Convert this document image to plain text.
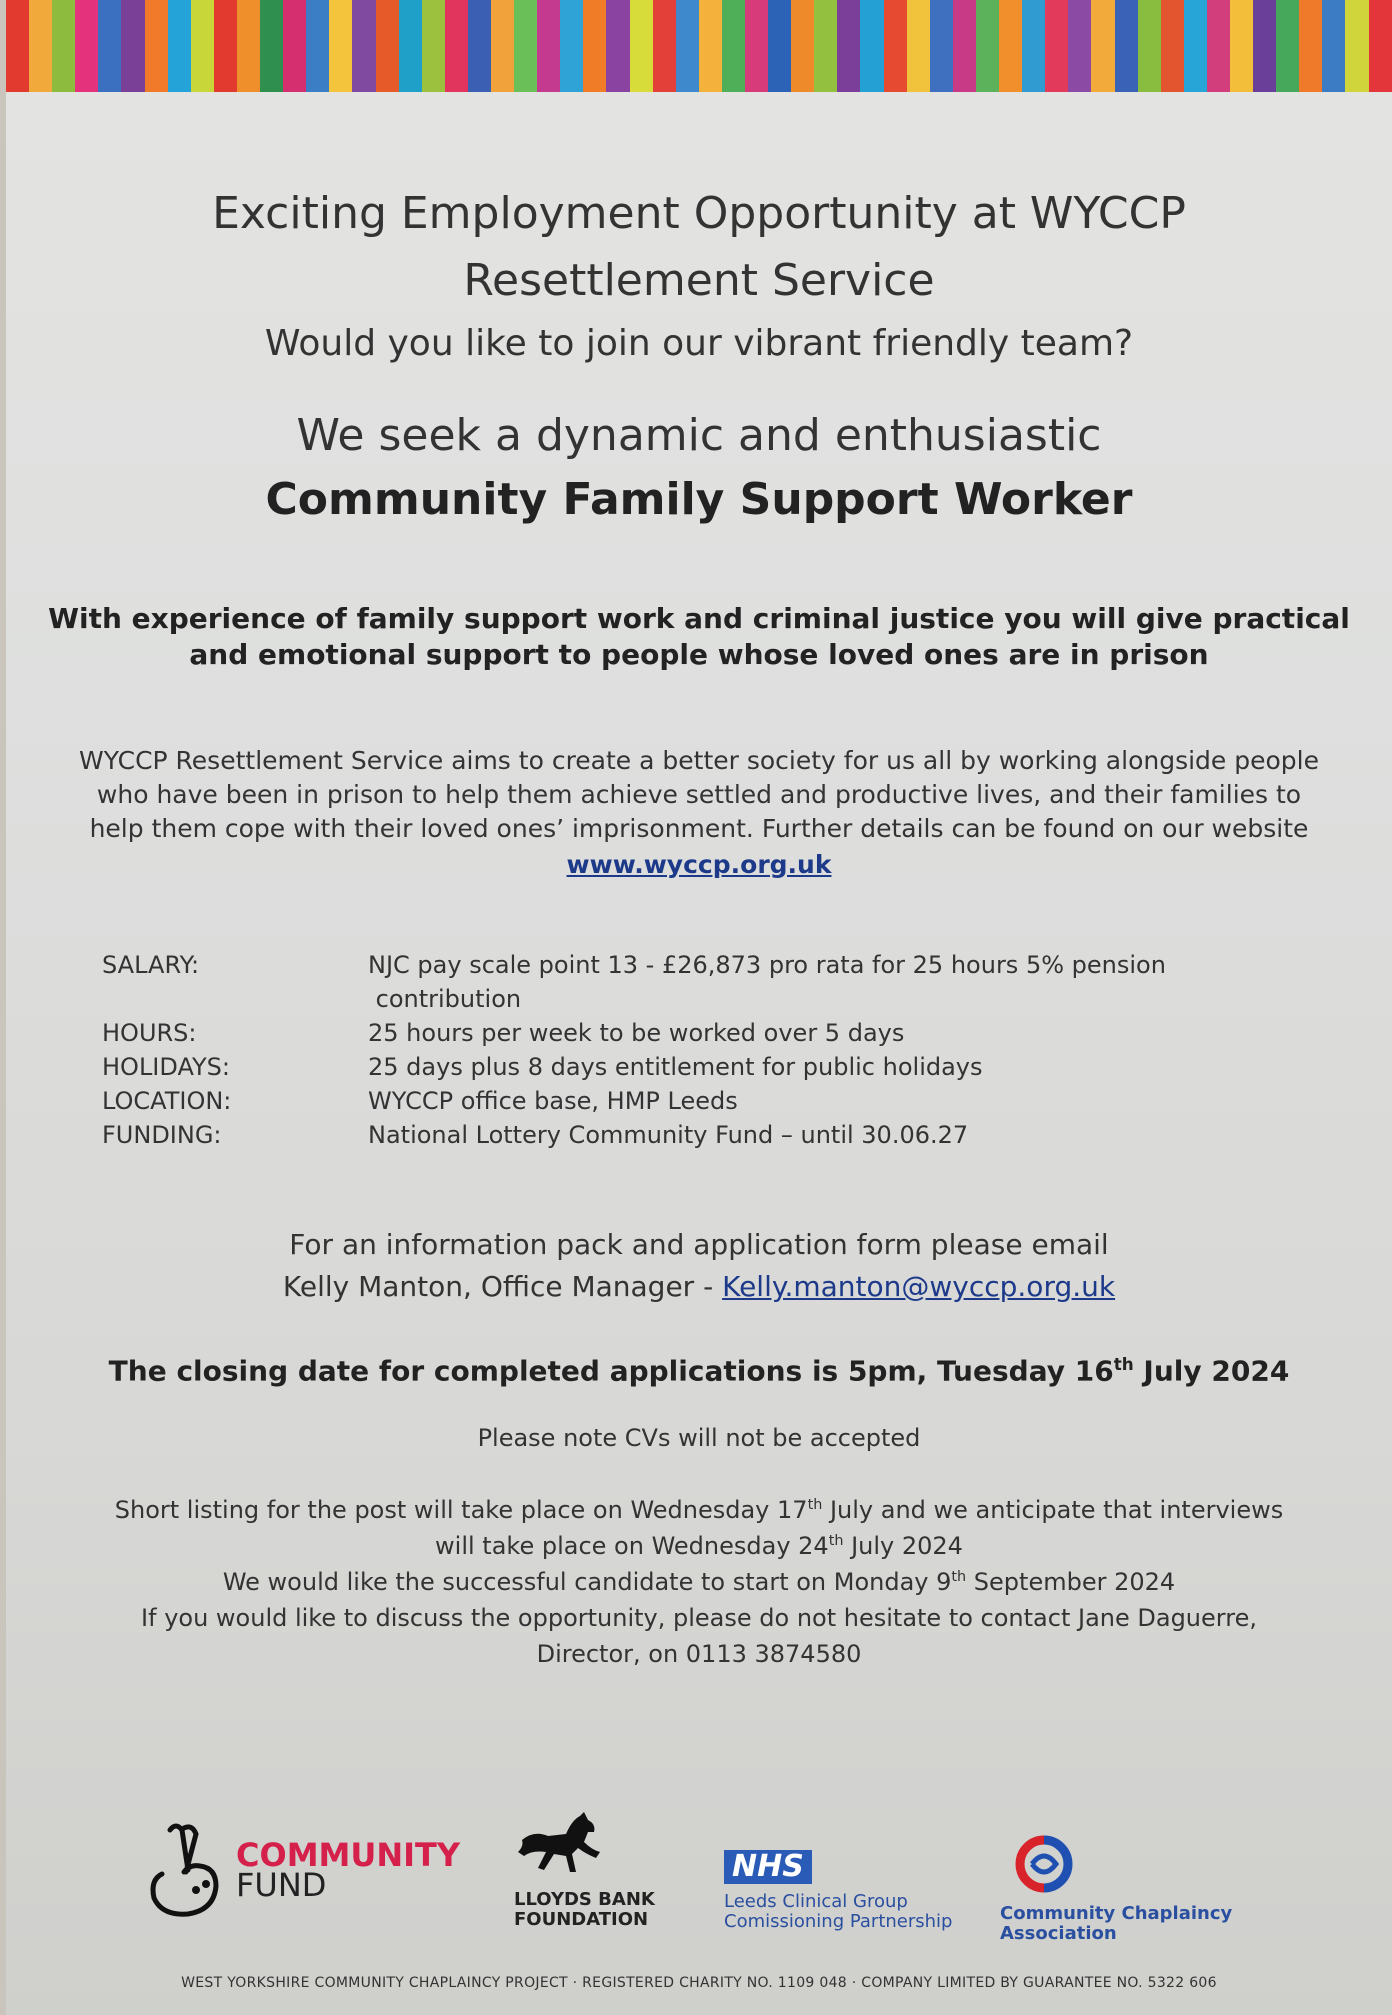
Exciting Employment Opportunity at WYCCP
Resettlement Service

Would you like to join our vibrant friendly team?

We seek a dynamic and enthusiastic

Community Family Support Worker

With experience of family support work and criminal justice you will give practical

and emotional support to people whose loved ones are in prison

WYCCP Resettlement Service aims to create a better society for us all by working alongside people

who have been in prison to help them achieve settled and productive lives, and their families to

help them cope with their loved ones’ imprisonment. Further details can be found on our website

www.wyccp.org.uk

SALARY:	NJC pay scale point 13 - £26,873 pro rata for 25 hours 5% pension
contribution
HOURS:	25 hours per week to be worked over 5 days
HOLIDAYS:	25 days plus 8 days entitlement for public holidays
LOCATION:	WYCCP office base, HMP Leeds
FUNDING:	National Lottery Community Fund – until 30.06.27

For an information pack and application form please email

Kelly Manton, Office Manager - Kelly.manton@wyccp.org.uk

The closing date for completed applications is 5pm, Tuesday 16th July 2024

Please note CVs will not be accepted

Short listing for the post will take place on Wednesday 17th July and we anticipate that interviews

will take place on Wednesday 24th July 2024

We would like the successful candidate to start on Monday 9th September 2024

If you would like to discuss the opportunity, please do not hesitate to contact Jane Daguerre,

Director, on 0113 3874580

COMMUNITY
FUND	LLOYDS BANK
FOUNDATION
NHS
Leeds Clinical Group
Comissioning Partnership	Community Chaplaincy
Association
WEST YORKSHIRE COMMUNITY CHAPLAINCY PROJECT · REGISTERED CHARITY NO. 1109 048 · COMPANY LIMITED BY GUARANTEE NO. 5322 606
